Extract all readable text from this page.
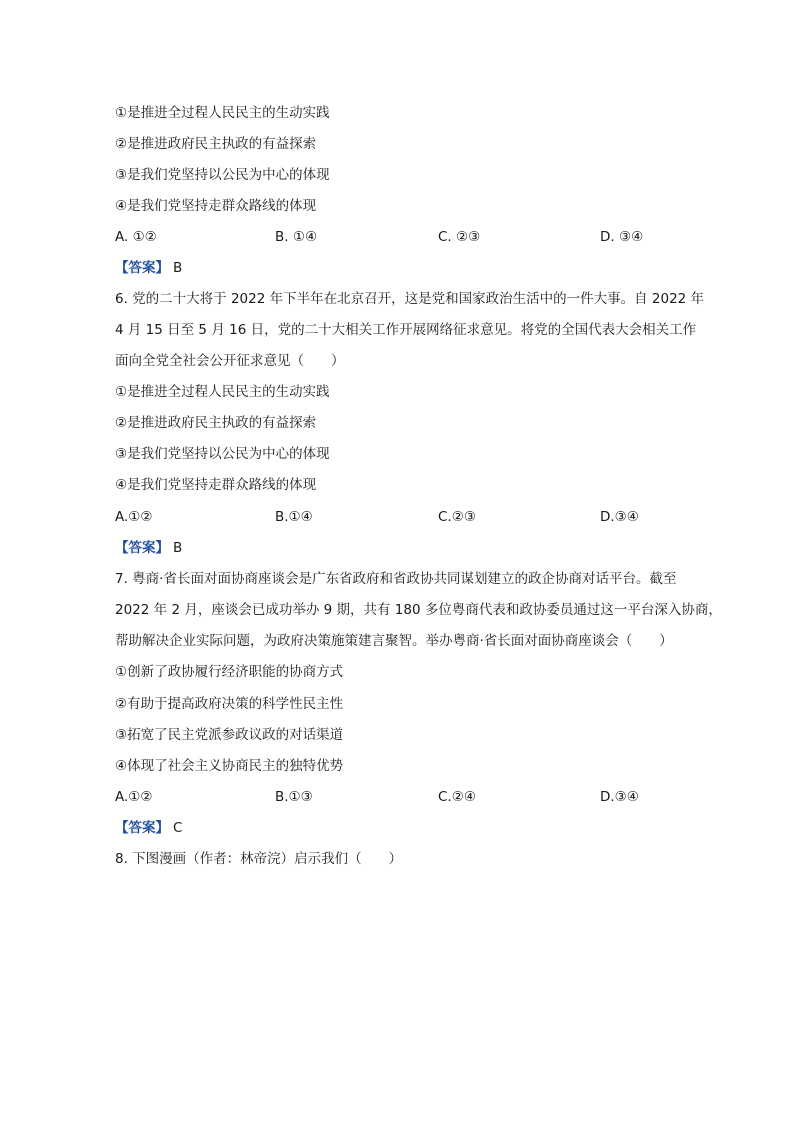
①是推进全过程人民民主的生动实践
②是推进政府民主执政的有益探索
③是我们党坚持以公民为中心的体现
④是我们党坚持走群众路线的体现
A. ①②	B. ①④	C. ②③	D. ③④
【答案】 B
6. 党的二十大将于 2022 年下半年在北京召开，这是党和国家政治生活中的一件大事。自 2022 年
4 月 15 日至 5 月 16 日，党的二十大相关工作开展网络征求意见。将党的全国代表大会相关工作
面向全党全社会公开征求意见（　　）
①是推进全过程人民民主的生动实践
②是推进政府民主执政的有益探索
③是我们党坚持以公民为中心的体现
④是我们党坚持走群众路线的体现
A.①②	B.①④	C.②③	D.③④
【答案】 B
7. 粤商·省长面对面协商座谈会是广东省政府和省政协共同谋划建立的政企协商对话平台。截至
2022 年 2 月，座谈会已成功举办 9 期，共有 180 多位粤商代表和政协委员通过这一平台深入协商，
帮助解决企业实际问题，为政府决策施策建言聚智。举办粤商·省长面对面协商座谈会（　　）
①创新了政协履行经济职能的协商方式
②有助于提高政府决策的科学性民主性
③拓宽了民主党派参政议政的对话渠道
④体现了社会主义协商民主的独特优势
A.①②	B.①③	C.②④	D.③④
【答案】 C
8. 下图漫画（作者：林帝浣）启示我们（　　）
